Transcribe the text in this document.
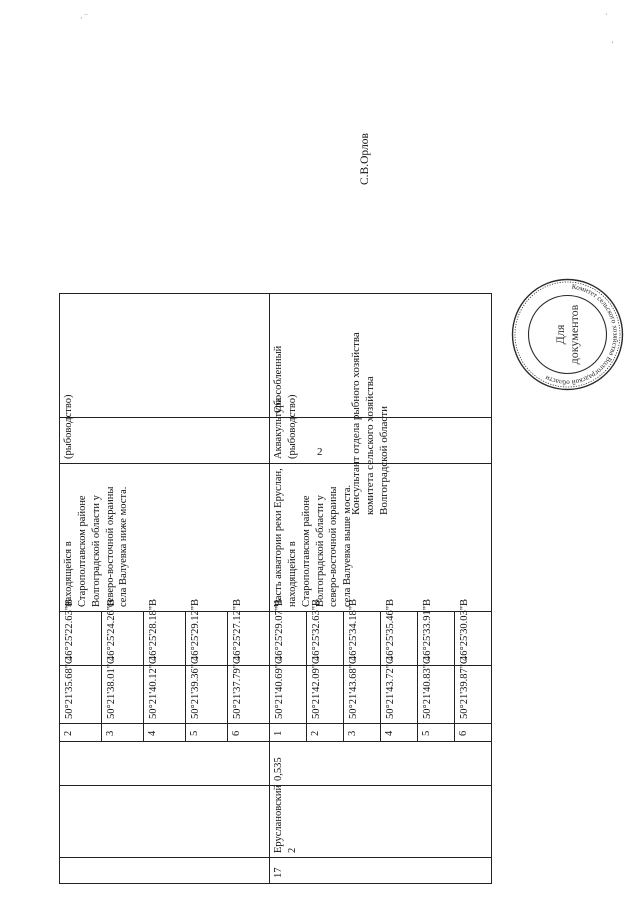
2
			2	50°21'35.68"С	46°25'22.63"В	находящейся в Старополтавском районе Волгоградской области у северо-восточной окраины села Валуевка ниже моста.	(рыбоводство)	
			3	50°21'38.01"С	46°25'24.26"В			
			4	50°21'40.12"С	46°25'28.18"В			
			5	50°21'39.36"С	46°25'29.12"В			
			6	50°21'37.79"С	46°25'27.12"В			
17	Еруслановский 2	0,535	1	50°21'40.69"С	46°25'29.07"В	Часть акватории реки Еруслан, находящейся в Старополтавском районе Волгоградской области у северо-восточной окраины села Валуевка выше моста.	Аквакультура (рыбоводство)	Обособленный
			2	50°21'42.09"С	46°25'32.63"В			
			3	50°21'43.68"С	46°25'34.18"В			
			4	50°21'43.72"С	46°25'35.46"В			
			5	50°21'40.83"С	46°25'33.91"В			
			6	50°21'39.87"С	46°25'30.03"В			
Консультант отдела рыбного хозяйства комитета сельского хозяйства Волгоградской области
С.В.Орлов
Комитет сельского хозяйства Волгоградской области
Для документов
· ‾	·
'
